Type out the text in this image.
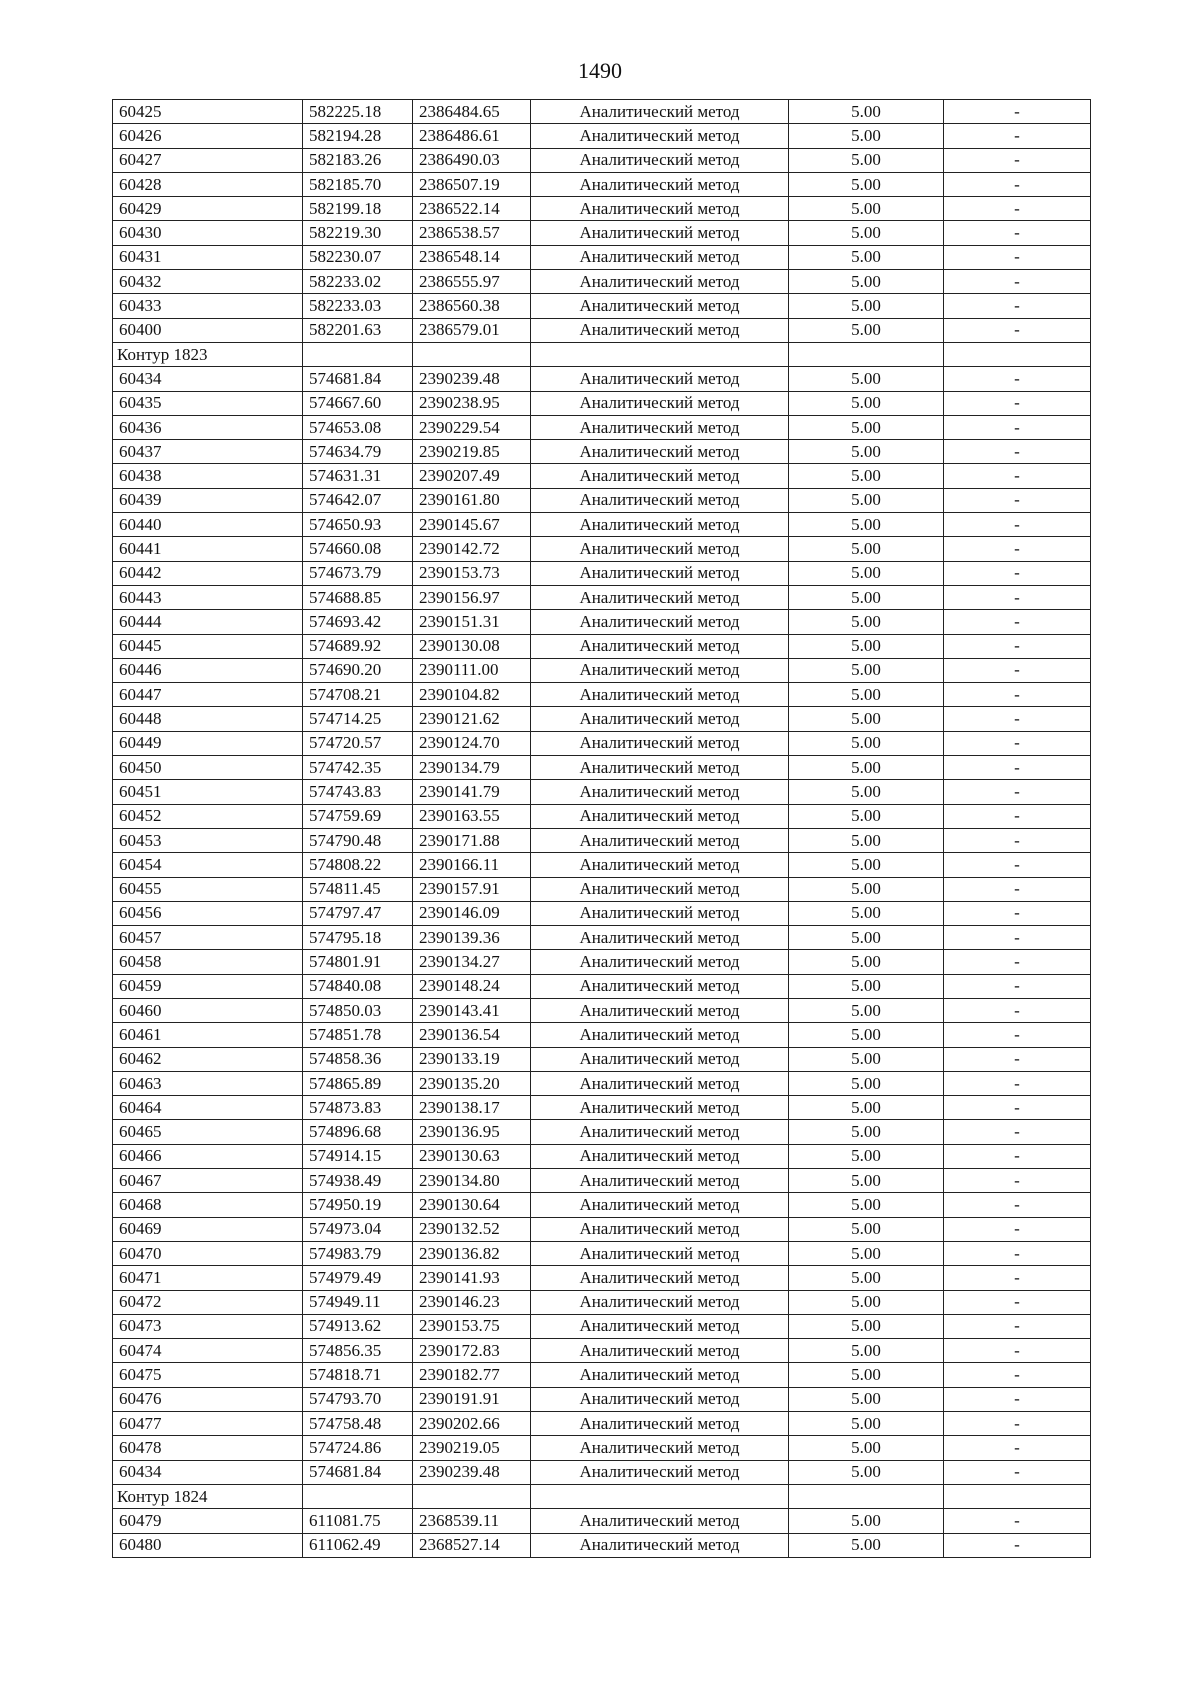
1490
60425	582225.18	2386484.65	Аналитический метод	5.00	-
60426	582194.28	2386486.61	Аналитический метод	5.00	-
60427	582183.26	2386490.03	Аналитический метод	5.00	-
60428	582185.70	2386507.19	Аналитический метод	5.00	-
60429	582199.18	2386522.14	Аналитический метод	5.00	-
60430	582219.30	2386538.57	Аналитический метод	5.00	-
60431	582230.07	2386548.14	Аналитический метод	5.00	-
60432	582233.02	2386555.97	Аналитический метод	5.00	-
60433	582233.03	2386560.38	Аналитический метод	5.00	-
60400	582201.63	2386579.01	Аналитический метод	5.00	-
Контур 1823					
60434	574681.84	2390239.48	Аналитический метод	5.00	-
60435	574667.60	2390238.95	Аналитический метод	5.00	-
60436	574653.08	2390229.54	Аналитический метод	5.00	-
60437	574634.79	2390219.85	Аналитический метод	5.00	-
60438	574631.31	2390207.49	Аналитический метод	5.00	-
60439	574642.07	2390161.80	Аналитический метод	5.00	-
60440	574650.93	2390145.67	Аналитический метод	5.00	-
60441	574660.08	2390142.72	Аналитический метод	5.00	-
60442	574673.79	2390153.73	Аналитический метод	5.00	-
60443	574688.85	2390156.97	Аналитический метод	5.00	-
60444	574693.42	2390151.31	Аналитический метод	5.00	-
60445	574689.92	2390130.08	Аналитический метод	5.00	-
60446	574690.20	2390111.00	Аналитический метод	5.00	-
60447	574708.21	2390104.82	Аналитический метод	5.00	-
60448	574714.25	2390121.62	Аналитический метод	5.00	-
60449	574720.57	2390124.70	Аналитический метод	5.00	-
60450	574742.35	2390134.79	Аналитический метод	5.00	-
60451	574743.83	2390141.79	Аналитический метод	5.00	-
60452	574759.69	2390163.55	Аналитический метод	5.00	-
60453	574790.48	2390171.88	Аналитический метод	5.00	-
60454	574808.22	2390166.11	Аналитический метод	5.00	-
60455	574811.45	2390157.91	Аналитический метод	5.00	-
60456	574797.47	2390146.09	Аналитический метод	5.00	-
60457	574795.18	2390139.36	Аналитический метод	5.00	-
60458	574801.91	2390134.27	Аналитический метод	5.00	-
60459	574840.08	2390148.24	Аналитический метод	5.00	-
60460	574850.03	2390143.41	Аналитический метод	5.00	-
60461	574851.78	2390136.54	Аналитический метод	5.00	-
60462	574858.36	2390133.19	Аналитический метод	5.00	-
60463	574865.89	2390135.20	Аналитический метод	5.00	-
60464	574873.83	2390138.17	Аналитический метод	5.00	-
60465	574896.68	2390136.95	Аналитический метод	5.00	-
60466	574914.15	2390130.63	Аналитический метод	5.00	-
60467	574938.49	2390134.80	Аналитический метод	5.00	-
60468	574950.19	2390130.64	Аналитический метод	5.00	-
60469	574973.04	2390132.52	Аналитический метод	5.00	-
60470	574983.79	2390136.82	Аналитический метод	5.00	-
60471	574979.49	2390141.93	Аналитический метод	5.00	-
60472	574949.11	2390146.23	Аналитический метод	5.00	-
60473	574913.62	2390153.75	Аналитический метод	5.00	-
60474	574856.35	2390172.83	Аналитический метод	5.00	-
60475	574818.71	2390182.77	Аналитический метод	5.00	-
60476	574793.70	2390191.91	Аналитический метод	5.00	-
60477	574758.48	2390202.66	Аналитический метод	5.00	-
60478	574724.86	2390219.05	Аналитический метод	5.00	-
60434	574681.84	2390239.48	Аналитический метод	5.00	-
Контур 1824					
60479	611081.75	2368539.11	Аналитический метод	5.00	-
60480	611062.49	2368527.14	Аналитический метод	5.00	-
